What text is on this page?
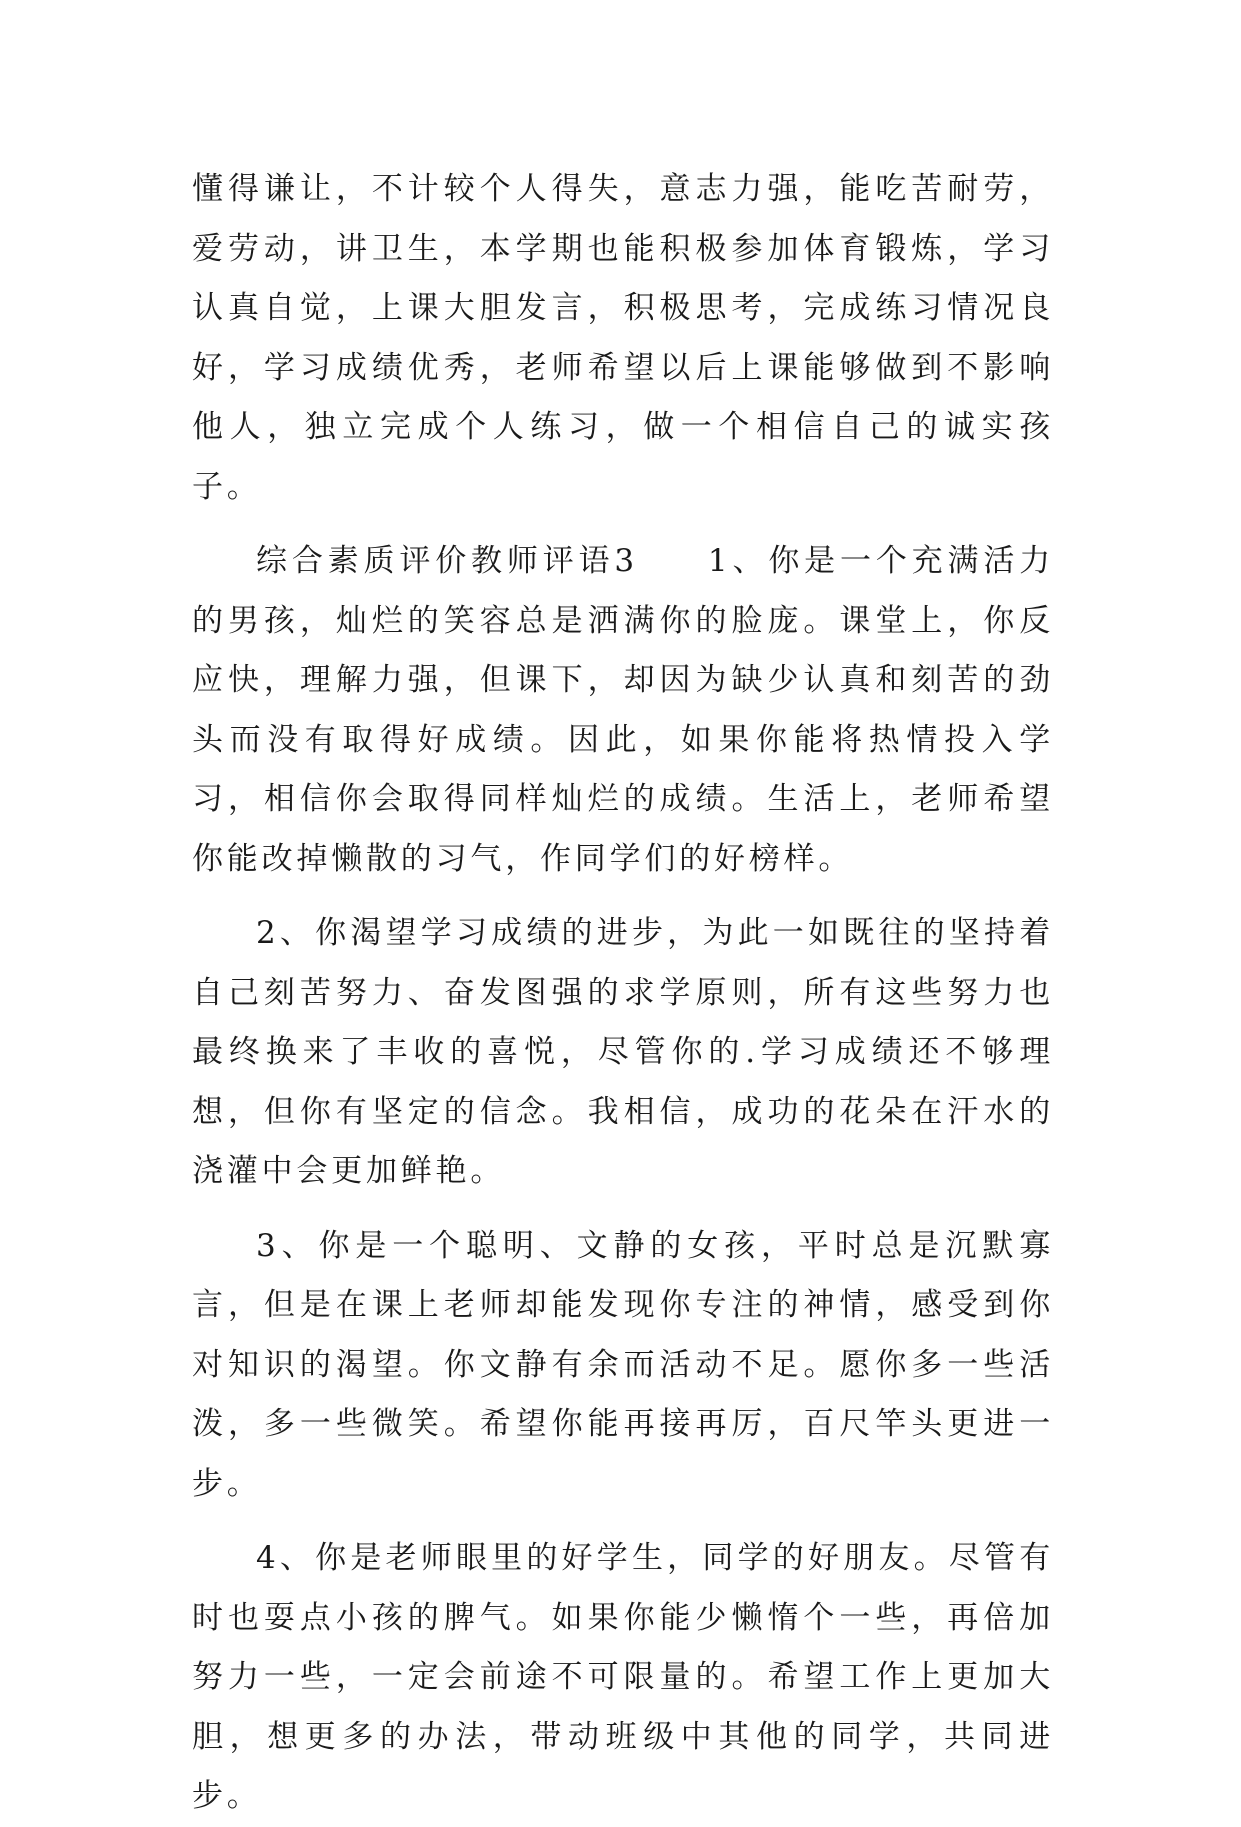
懂得谦让，不计较个人得失，意志力强，能吃苦耐劳，爱劳动，讲卫生，本学期也能积极参加体育锻炼，学习认真自觉，上课大胆发言，积极思考，完成练习情况良好，学习成绩优秀，老师希望以后上课能够做到不影响他人，独立完成个人练习，做一个相信自己的诚实孩子。

综合素质评价教师评语3 1、你是一个充满活力的男孩，灿烂的笑容总是洒满你的脸庞。课堂上，你反应快，理解力强，但课下，却因为缺少认真和刻苦的劲头而没有取得好成绩。因此，如果你能将热情投入学习，相信你会取得同样灿烂的成绩。生活上，老师希望你能改掉懒散的习气，作同学们的好榜样。

2、你渴望学习成绩的进步，为此一如既往的坚持着自己刻苦努力、奋发图强的求学原则，所有这些努力也最终换来了丰收的喜悦，尽管你的.学习成绩还不够理想，但你有坚定的信念。我相信，成功的花朵在汗水的浇灌中会更加鲜艳。

3、你是一个聪明、文静的女孩，平时总是沉默寡言，但是在课上老师却能发现你专注的神情，感受到你对知识的渴望。你文静有余而活动不足。愿你多一些活泼，多一些微笑。希望你能再接再厉，百尺竿头更进一步。

4、你是老师眼里的好学生，同学的好朋友。尽管有时也耍点小孩的脾气。如果你能少懒惰个一些，再倍加努力一些，一定会前途不可限量的。希望工作上更加大胆，想更多的办法，带动班级中其他的同学，共同进步。
